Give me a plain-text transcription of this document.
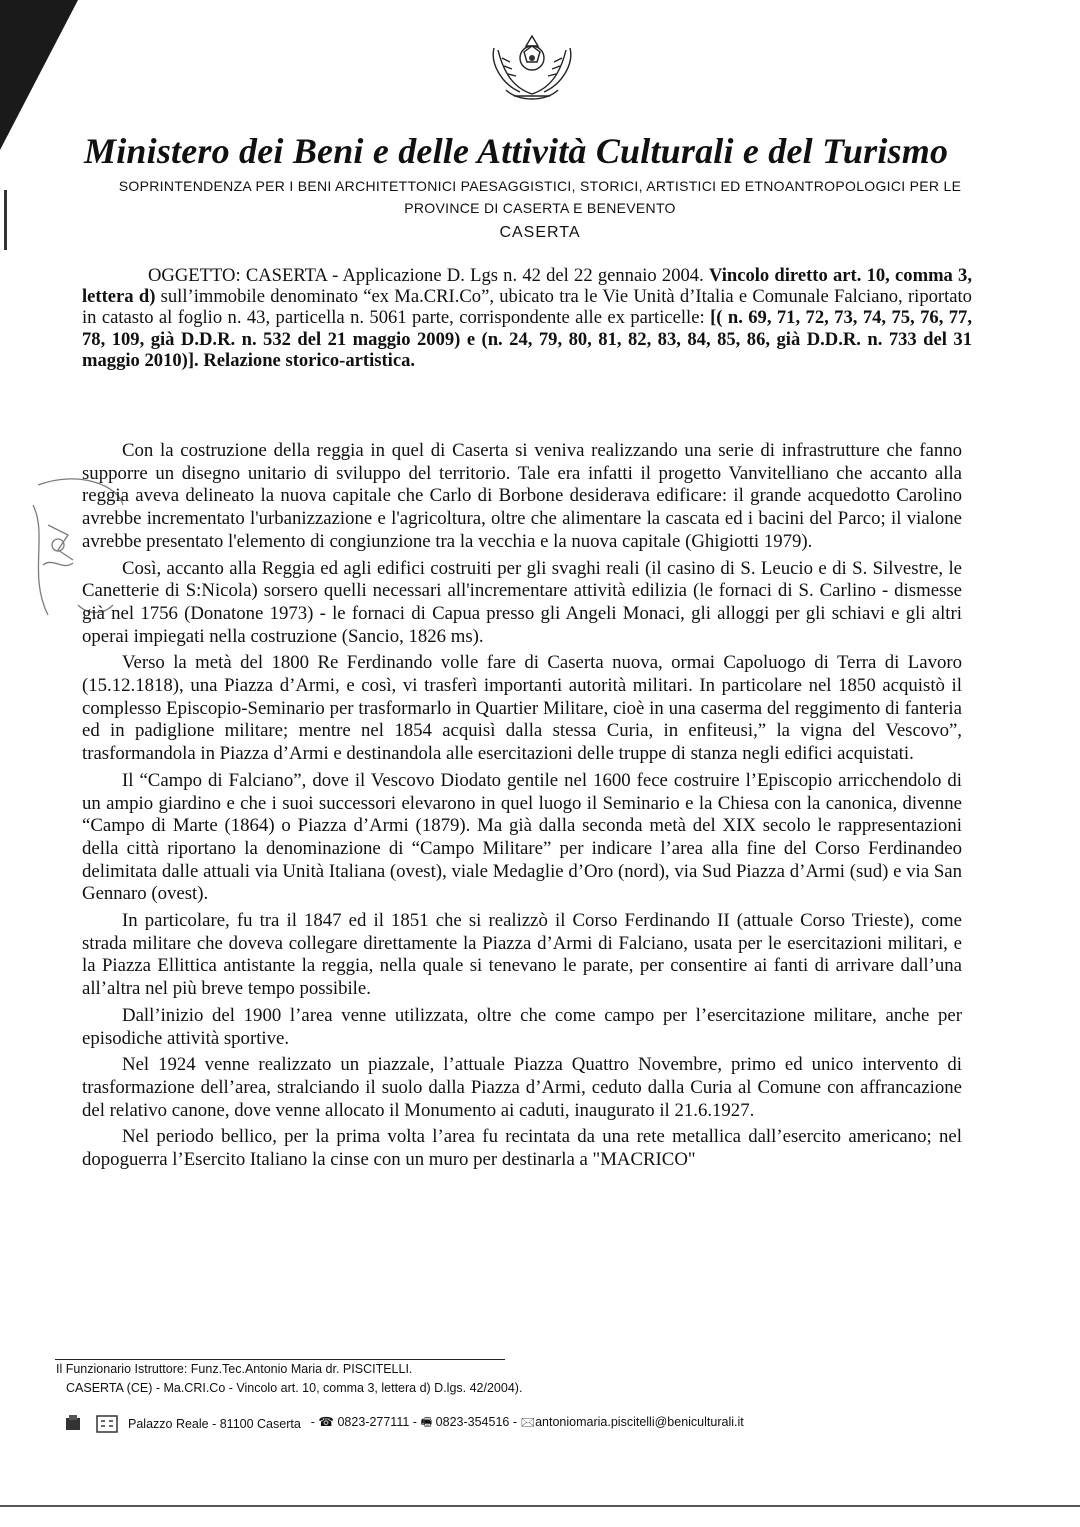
Ministero dei Beni e delle Attività Culturali e del Turismo
SOPRINTENDENZA PER I BENI ARCHITETTONICI PAESAGGISTICI, STORICI, ARTISTICI ED ETNOANTROPOLOGICI PER LE
PROVINCE DI CASERTA E BENEVENTO
CASERTA
OGGETTO: CASERTA - Applicazione D. Lgs n. 42 del 22 gennaio 2004. Vincolo diretto art. 10, comma 3, lettera d) sull’immobile denominato “ex Ma.CRI.Co”, ubicato tra le Vie Unità d’Italia e Comunale Falciano, riportato in catasto al foglio n. 43, particella n. 5061 parte, corrispondente alle ex particelle: [( n. 69, 71, 72, 73, 74, 75, 76, 77, 78, 109, già D.D.R. n. 532 del 21 maggio 2009) e (n. 24, 79, 80, 81, 82, 83, 84, 85, 86, già D.D.R. n. 733 del 31 maggio 2010)]. Relazione storico-artistica.

Con la costruzione della reggia in quel di Caserta si veniva realizzando una serie di infrastrutture che fanno supporre un disegno unitario di sviluppo del territorio. Tale era infatti il progetto Vanvitelliano che accanto alla reggia aveva delineato la nuova capitale che Carlo di Borbone desiderava edificare: il grande acquedotto Carolino avrebbe incrementato l'urbanizzazione e l'agricoltura, oltre che alimentare la cascata ed i bacini del Parco; il vialone avrebbe presentato l'elemento di congiunzione tra la vecchia e la nuova capitale (Ghigiotti 1979).

Così, accanto alla Reggia ed agli edifici costruiti per gli svaghi reali (il casino di S. Leucio e di S. Silvestre, le Canetterie di S:Nicola) sorsero quelli necessari all'incrementare attività edilizia (le fornaci di S. Carlino - dismesse già nel 1756 (Donatone 1973) - le fornaci di Capua presso gli Angeli Monaci, gli alloggi per gli schiavi e gli altri operai impiegati nella costruzione (Sancio, 1826 ms).

Verso la metà del 1800 Re Ferdinando volle fare di Caserta nuova, ormai Capoluogo di Terra di Lavoro (15.12.1818), una Piazza d’Armi, e così, vi trasferì importanti autorità militari. In particolare nel 1850 acquistò il complesso Episcopio-Seminario per trasformarlo in Quartier Militare, cioè in una caserma del reggimento di fanteria ed in padiglione militare; mentre nel 1854 acquisì dalla stessa Curia, in enfiteusi,” la vigna del Vescovo”, trasformandola in Piazza d’Armi e destinandola alle esercitazioni delle truppe di stanza negli edifici acquistati.

Il “Campo di Falciano”, dove il Vescovo Diodato gentile nel 1600 fece costruire l’Episcopio arricchendolo di un ampio giardino e che i suoi successori elevarono in quel luogo il Seminario e la Chiesa con la canonica, divenne “Campo di Marte (1864) o Piazza d’Armi (1879). Ma già dalla seconda metà del XIX secolo le rappresentazioni della città riportano la denominazione di “Campo Militare” per indicare l’area alla fine del Corso Ferdinandeo delimitata dalle attuali via Unità Italiana (ovest), viale Medaglie d’Oro (nord), via Sud Piazza d’Armi (sud) e via San Gennaro (ovest).

In particolare, fu tra il 1847 ed il 1851 che si realizzò il Corso Ferdinando II (attuale Corso Trieste), come strada militare che doveva collegare direttamente la Piazza d’Armi di Falciano, usata per le esercitazioni militari, e la Piazza Ellittica antistante la reggia, nella quale si tenevano le parate, per consentire ai fanti di arrivare dall’una all’altra nel più breve tempo possibile.

Dall’inizio del 1900 l’area venne utilizzata, oltre che come campo per l’esercitazione militare, anche per episodiche attività sportive.

Nel 1924 venne realizzato un piazzale, l’attuale Piazza Quattro Novembre, primo ed unico intervento di trasformazione dell’area, stralciando il suolo dalla Piazza d’Armi, ceduto dalla Curia al Comune con affrancazione del relativo canone, dove venne allocato il Monumento ai caduti, inaugurato il 21.6.1927.

Nel periodo bellico, per la prima volta l’area fu recintata da una rete metallica dall’esercito americano; nel dopoguerra l’Esercito Italiano la cinse con un muro per destinarla a "MACRICO"

Il Funzionario Istruttore: Funz.Tec.Antonio Maria dr. PISCITELLI.
CASERTA (CE) - Ma.CRI.Co - Vincolo art. 10, comma 3, lettera d) D.lgs. 42/2004).
Palazzo Reale - 81100 Caserta - ☎ 0823-277111 - 🖷 0823-354516 - 🖂antoniomaria.piscitelli@beniculturali.it
